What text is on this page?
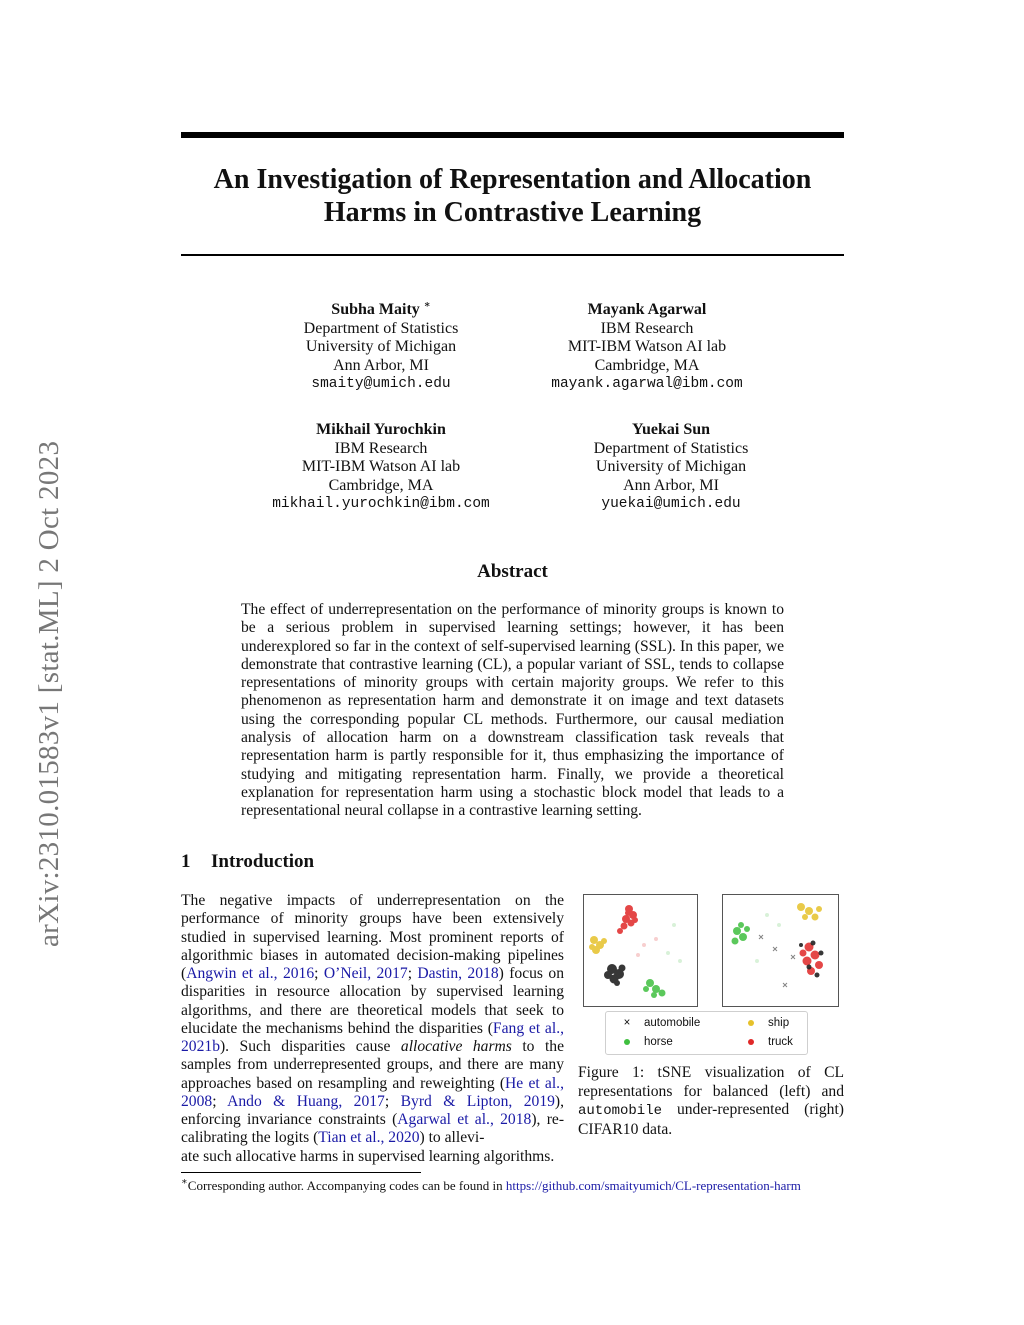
arXiv:2310.01583v1 [stat.ML] 2 Oct 2023
An Investigation of Representation and Allocation
Harms in Contrastive Learning
Subha Maity ∗
Department of Statistics
University of Michigan
Ann Arbor, MI
smaity@umich.edu
Mayank Agarwal
IBM Research
MIT-IBM Watson AI lab
Cambridge, MA
mayank.agarwal@ibm.com
Mikhail Yurochkin
IBM Research
MIT-IBM Watson AI lab
Cambridge, MA
mikhail.yurochkin@ibm.com
Yuekai Sun
Department of Statistics
University of Michigan
Ann Arbor, MI
yuekai@umich.edu
Abstract
The effect of underrepresentation on the performance of minority groups is known to be a serious problem in supervised learning settings; however, it has been underexplored so far in the context of self-supervised learning (SSL). In this paper, we demonstrate that contrastive learning (CL), a popular variant of SSL, tends to collapse representations of minority groups with certain majority groups. We refer to this phenomenon as representation harm and demonstrate it on image and text datasets using the corresponding popular CL methods. Furthermore, our causal mediation analysis of allocation harm on a downstream classification task reveals that representation harm is partly responsible for it, thus emphasizing the importance of studying and mitigating representation harm. Finally, we provide a theoretical explanation for representation harm using a stochastic block model that leads to a representational neural collapse in a contrastive learning setting.
1 Introduction
The negative impacts of underrepresentation on the performance of minority groups have been extensively studied in supervised learning. Most prominent reports of algorithmic biases in automated decision-making pipelines (Angwin et al., 2016; O’Neil, 2017; Dastin, 2018) focus on disparities in resource allocation by supervised learning algorithms, and there are theoretical models that seek to elucidate the mechanisms behind the disparities (Fang et al., 2021b). Such disparities cause allocative harms to the samples from underrepresented groups, and there are many approaches based on resampling and reweighting (He et al., 2008; Ando & Huang, 2017; Byrd & Lipton, 2019), enforcing invariance constraints (Agarwal et al., 2018), re-calibrating the logits (Tian et al., 2020) to allevi-
ate such allocative harms in supervised learning algorithms.
× automobile	ship
horse	truck
Figure 1: tSNE visualization of CL representations for balanced (left) and automobile under-represented (right) CIFAR10 data.
∗Corresponding author. Accompanying codes can be found in https://github.com/smaityumich/CL-representation-harm
